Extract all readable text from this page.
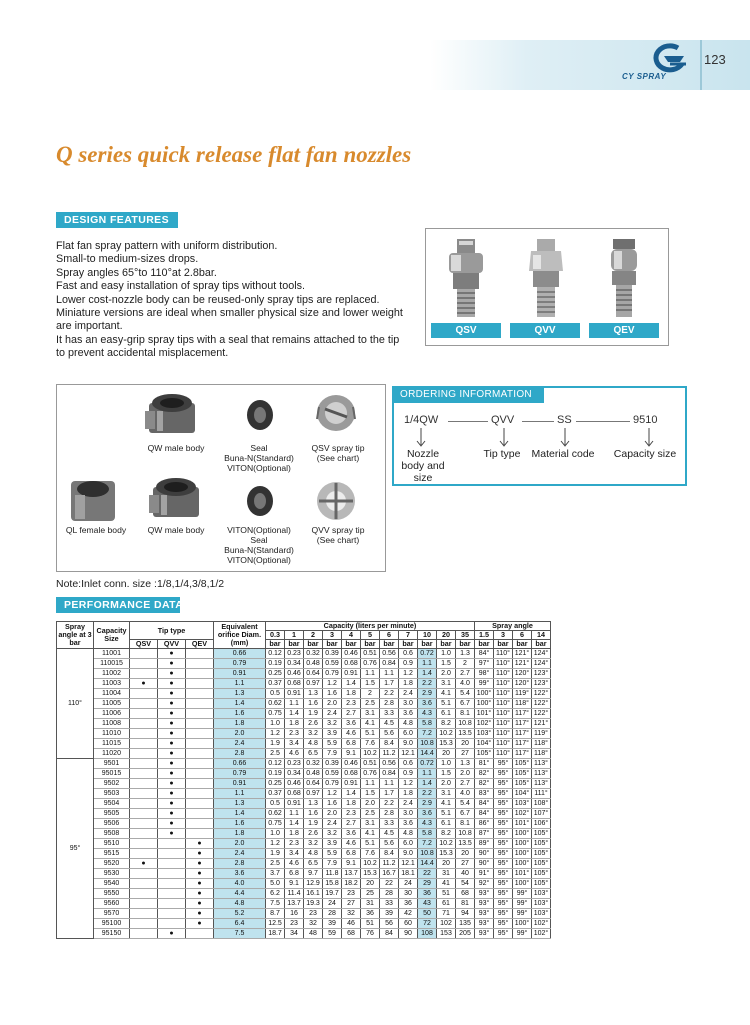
CY SPRAY
123
Q series quick release flat fan nozzles
DESIGN FEATURES
Flat fan spray pattern with uniform distribution.
Small-to medium-sizes drops.
Spray angles 65°to 110°at 2.8bar.
Fast and easy installation of spray tips without tools.
Lower cost-nozzle body can be reused-only spray tips are replaced.
Miniature versions are ideal when smaller physical size and lower weight are important.
It has an easy-grip spray tips with a seal that remains attached to the tip to prevent accidental misplacement.
QSV	QVV	QEV
QW male body	Seal
Buna-N(Standard)
VITON(Optional)
QSV spray tip
(See chart)
QL female body	QW male body	VITON(Optional)
Seal
Buna-N(Standard)
VITON(Optional)
QVV spray tip
(See chart)
ORDERING INFORMATION
1/4QW	QVV	SS	9510
Nozzle
body and
size
Tip type	Material code	Capacity size
Note:Inlet conn. size :1/8,1/4,3/8,1/2
PERFORMANCE DATA
Spray angle at 3 bar	Capacity Size	Tip type			Equivalent orifice Diam.(mm)	Capacity (liters per minute)											Spray angle			
						0.3	1	2	3	4	5	6	7	10	20	35	1.5	3	6	14
		QSV	QVV	QEV		bar	bar	bar	bar	bar	bar	bar	bar	bar	bar	bar	bar	bar	bar	bar
110°	11001		●		0.66	0.12	0.23	0.32	0.39	0.46	0.51	0.56	0.6	0.72	1.0	1.3	84°	110°	121°	124°
	110015		●		0.79	0.19	0.34	0.48	0.59	0.68	0.76	0.84	0.9	1.1	1.5	2	97°	110°	121°	124°
	11002		●		0.91	0.25	0.46	0.64	0.79	0.91	1.1	1.1	1.2	1.4	2.0	2.7	98°	110°	120°	123°
	11003	●	●		1.1	0.37	0.68	0.97	1.2	1.4	1.5	1.7	1.8	2.2	3.1	4.0	99°	110°	120°	123°
	11004		●		1.3	0.5	0.91	1.3	1.6	1.8	2	2.2	2.4	2.9	4.1	5.4	100°	110°	119°	122°
	11005		●		1.4	0.62	1.1	1.6	2.0	2.3	2.5	2.8	3.0	3.6	5.1	6.7	100°	110°	118°	122°
	11006		●		1.6	0.75	1.4	1.9	2.4	2.7	3.1	3.3	3.6	4.3	6.1	8.1	101°	110°	117°	122°
	11008		●		1.8	1.0	1.8	2.6	3.2	3.6	4.1	4.5	4.8	5.8	8.2	10.8	102°	110°	117°	121°
	11010		●		2.0	1.2	2.3	3.2	3.9	4.6	5.1	5.6	6.0	7.2	10.2	13.5	103°	110°	117°	119°
	11015		●		2.4	1.9	3.4	4.8	5.9	6.8	7.6	8.4	9.0	10.8	15.3	20	104°	110°	117°	118°
	11020		●		2.8	2.5	4.6	6.5	7.9	9.1	10.2	11.2	12.1	14.4	20	27	105°	110°	117°	118°
95°	9501		●		0.66	0.12	0.23	0.32	0.39	0.46	0.51	0.56	0.6	0.72	1.0	1.3	81°	95°	105°	113°
	95015		●		0.79	0.19	0.34	0.48	0.59	0.68	0.76	0.84	0.9	1.1	1.5	2.0	82°	95°	105°	113°
	9502		●		0.91	0.25	0.46	0.64	0.79	0.91	1.1	1.1	1.2	1.4	2.0	2.7	82°	95°	105°	113°
	9503		●		1.1	0.37	0.68	0.97	1.2	1.4	1.5	1.7	1.8	2.2	3.1	4.0	83°	95°	104°	111°
	9504		●		1.3	0.5	0.91	1.3	1.6	1.8	2.0	2.2	2.4	2.9	4.1	5.4	84°	95°	103°	108°
	9505		●		1.4	0.62	1.1	1.6	2.0	2.3	2.5	2.8	3.0	3.6	5.1	6.7	84°	95°	102°	107°
	9506		●		1.6	0.75	1.4	1.9	2.4	2.7	3.1	3.3	3.6	4.3	6.1	8.1	86°	95°	101°	106°
	9508		●		1.8	1.0	1.8	2.6	3.2	3.6	4.1	4.5	4.8	5.8	8.2	10.8	87°	95°	100°	105°
	9510			●	2.0	1.2	2.3	3.2	3.9	4.6	5.1	5.6	6.0	7.2	10.2	13.5	89°	95°	100°	105°
	9515			●	2.4	1.9	3.4	4.8	5.9	6.8	7.6	8.4	9.0	10.8	15.3	20	90°	95°	100°	105°
	9520	●		●	2.8	2.5	4.6	6.5	7.9	9.1	10.2	11.2	12.1	14.4	20	27	90°	95°	100°	105°
	9530			●	3.6	3.7	6.8	9.7	11.8	13.7	15.3	16.7	18.1	22	31	40	91°	95°	101°	105°
	9540			●	4.0	5.0	9.1	12.9	15.8	18.2	20	22	24	29	41	54	92°	95°	100°	105°
	9550			●	4.4	6.2	11.4	16.1	19.7	23	25	28	30	36	51	68	93°	95°	99°	103°
	9560			●	4.8	7.5	13.7	19.3	24	27	31	33	36	43	61	81	93°	95°	99°	103°
	9570			●	5.2	8.7	16	23	28	32	36	39	42	50	71	94	93°	95°	99°	103°
	95100			●	6.4	12.5	23	32	39	46	51	56	60	72	102	135	93°	95°	100°	102°
	95150		●		7.5	18.7	34	48	59	68	76	84	90	108	153	205	93°	95°	99°	102°
